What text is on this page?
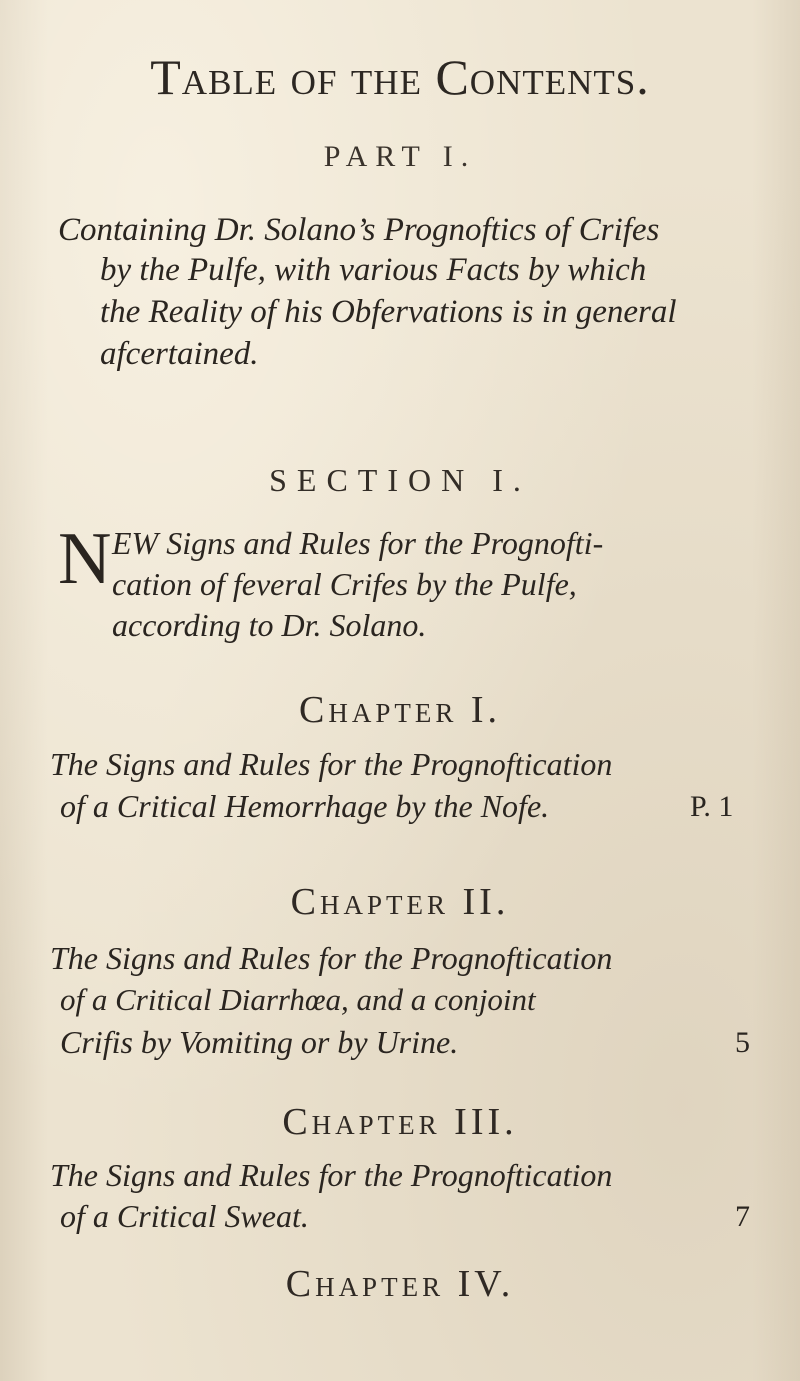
Table of the Contents.
PART I.
Containing Dr. Solano’s Prognoftics of Crifes
by the Pulfe, with various Facts by which
the Reality of his Obfervations is in general
afcertained.
SECTION I.
N EW Signs and Rules for the Prognofti-
cation of feveral Crifes by the Pulfe,
according to Dr. Solano.
Chapter I.
The Signs and Rules for the Prognoftication
of a Critical Hemorrhage by the Nofe.	P. 1
Chapter II.
The Signs and Rules for the Prognoftication
of a Critical Diarrhœa, and a conjoint
Crifis by Vomiting or by Urine.	5
Chapter III.
The Signs and Rules for the Prognoftication
of a Critical Sweat.	7
Chapter IV.
